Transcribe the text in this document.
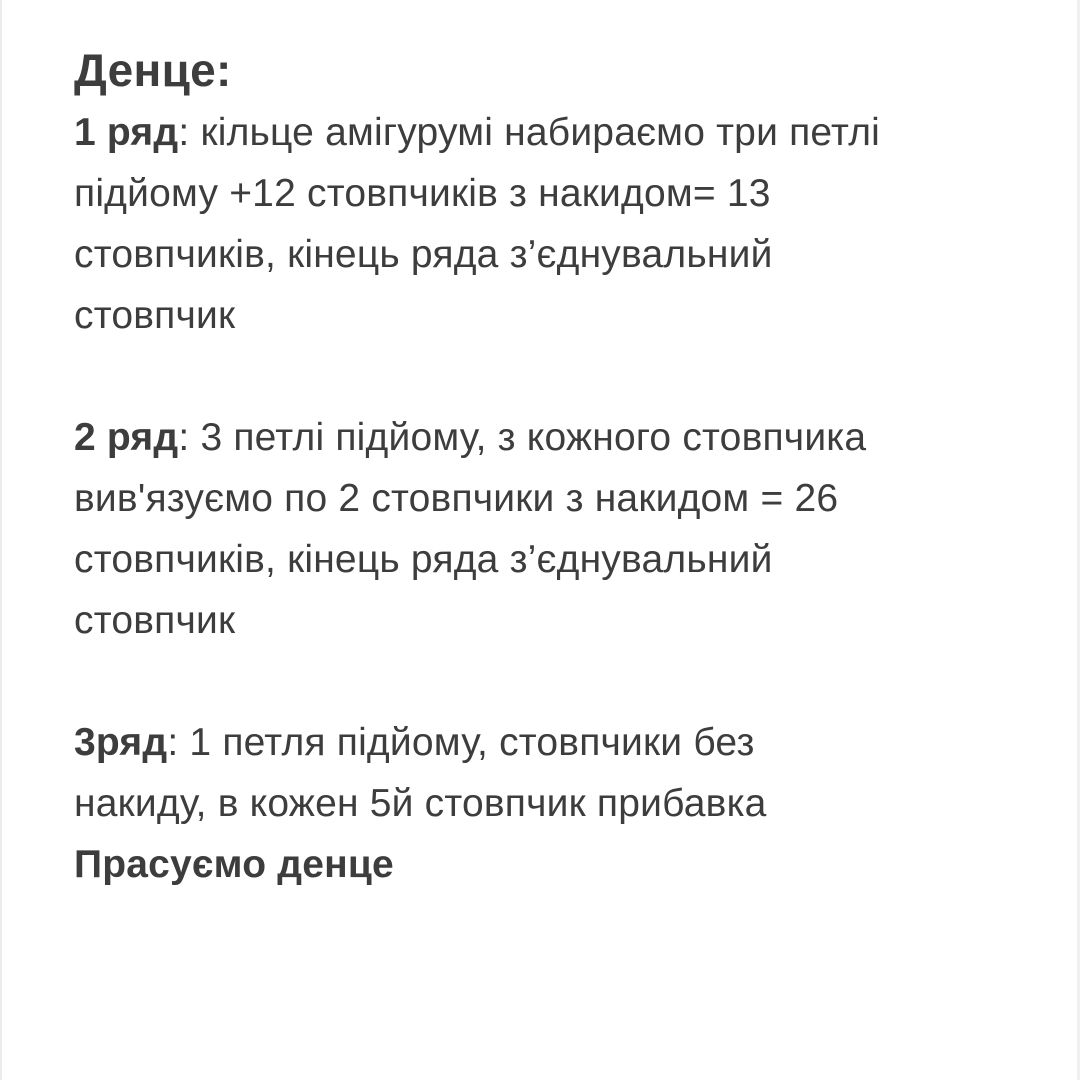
Денце:

1 ряд: кільце амігурумі набираємо три петлі

підйому +12 стовпчиків з накидом= 13

стовпчиків, кінець ряда з’єднувальний

стовпчик

2 ряд: 3 петлі підйому, з кожного стовпчика

вив'язуємо по 2 стовпчики з накидом = 26

стовпчиків, кінець ряда з’єднувальний

стовпчик

3ряд: 1 петля підйому, стовпчики без

накиду, в кожен 5й стовпчик прибавка

Прасуємо денце
